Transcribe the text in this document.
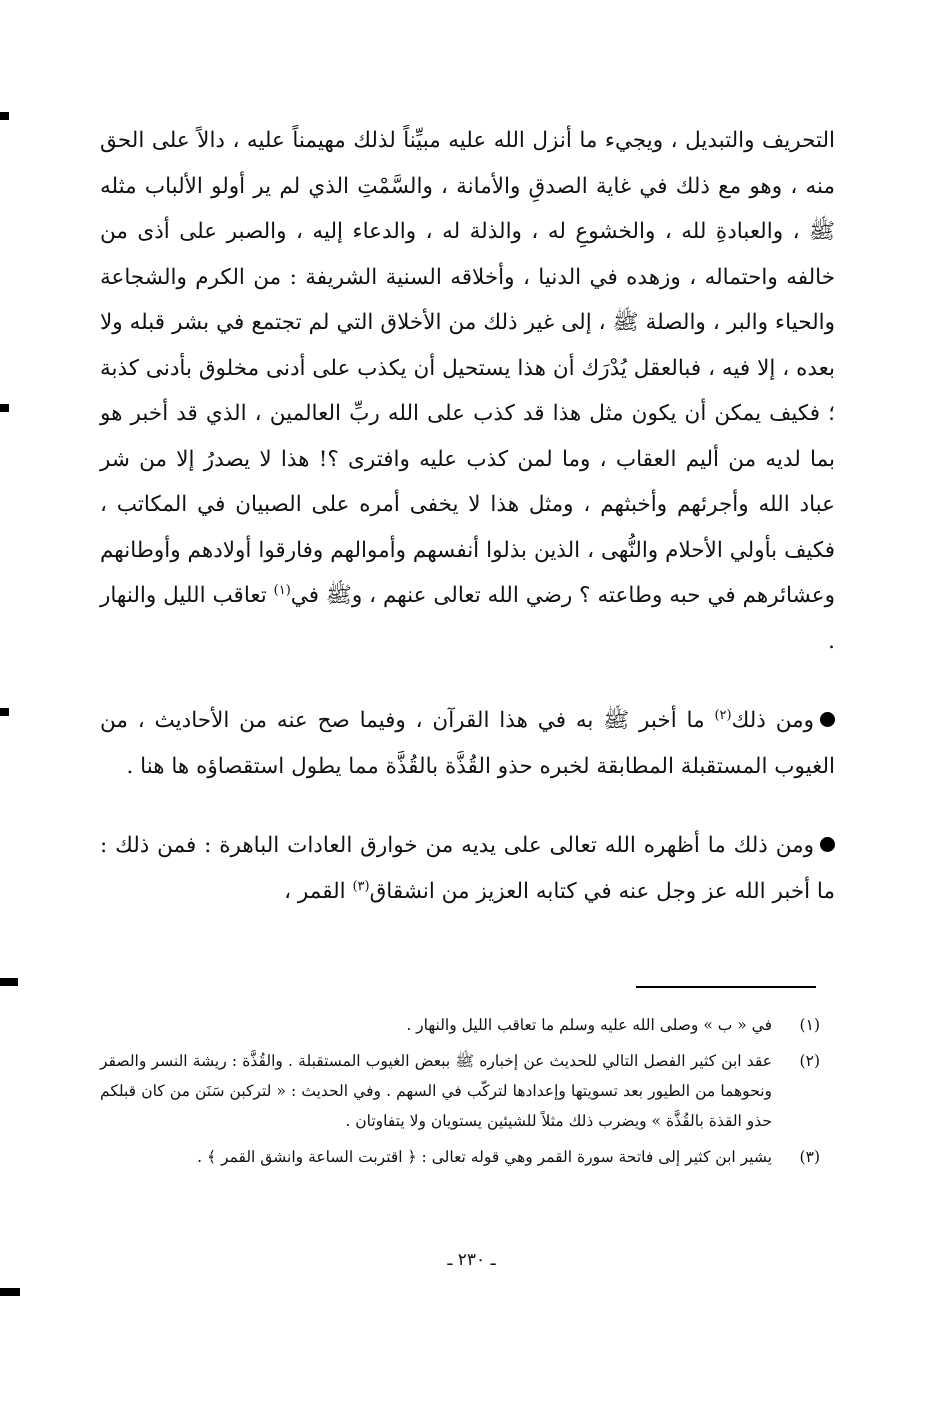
التحريف والتبديل ، ويجيء ما أنزل الله عليه مبيِّناً لذلك مهيمناً عليه ، دالاً على الحق منه ، وهو مع ذلك في غاية الصدقِ والأمانة ، والسَّمْتِ الذي لم ير أولو الألباب مثله ﷺ ، والعبادةِ لله ، والخشوعِ له ، والذلة له ، والدعاء إليه ، والصبر على أذى من خالفه واحتماله ، وزهده في الدنيا ، وأخلاقه السنية الشريفة : من الكرم والشجاعة والحياء والبر ، والصلة ﷺ ، إلى غير ذلك من الأخلاق التي لم تجتمع في بشر قبله ولا بعده ، إلا فيه ، فبالعقل يُدْرَك أن هذا يستحيل أن يكذب على أدنى مخلوق بأدنى كذبة ؛ فكيف يمكن أن يكون مثل هذا قد كذب على الله ربِّ العالمين ، الذي قد أخبر هو بما لديه من أليم العقاب ، وما لمن كذب عليه وافترى ؟! هذا لا يصدرُ إلا من شر عباد الله وأجرئهم وأخبثهم ، ومثل هذا لا يخفى أمره على الصبيان في المكاتب ، فكيف بأولي الأحلام والنُّهى ، الذين بذلوا أنفسهم وأموالهم وفارقوا أولادهم وأوطانهم وعشائرهم في حبه وطاعته ؟ رضي الله تعالى عنهم ، وﷺ في$^{(١)}$ تعاقب الليل والنهار .

ومن ذلك$^{(٢)}$ ما أخبر ﷺ به في هذا القرآن ، وفيما صح عنه من الأحاديث ، من الغيوب المستقبلة المطابقة لخبره حذو القُذَّة بالقُذَّة مما يطول استقصاؤه ها هنا .

ومن ذلك ما أظهره الله تعالى على يديه من خوارق العادات الباهرة : فمن ذلك : ما أخبر الله عز وجل عنه في كتابه العزيز من انشقاق$^{(٣)}$ القمر ،

(١)
في « ب » وصلى الله عليه وسلم ما تعاقب الليل والنهار .
(٢)
عقد ابن كثير الفصل التالي للحديث عن إخباره ﷺ ببعض الغيوب المستقبلة . والقُذَّة : ريشة النسر والصقر ونحوهما من الطيور بعد تسويتها وإعدادها لتركّب في السهم . وفي الحديث : « لتركبن سَنَن من كان قبلكم حذو القذة بالقُذَّة » ويضرب ذلك مثلاً للشيئين يستويان ولا يتفاوتان .
(٣)
يشير ابن كثير إلى فاتحة سورة القمر وهي قوله تعالى : ﴿ اقتربت الساعة وانشق القمر ﴾ .
ـ ٢٣٠ ـ
